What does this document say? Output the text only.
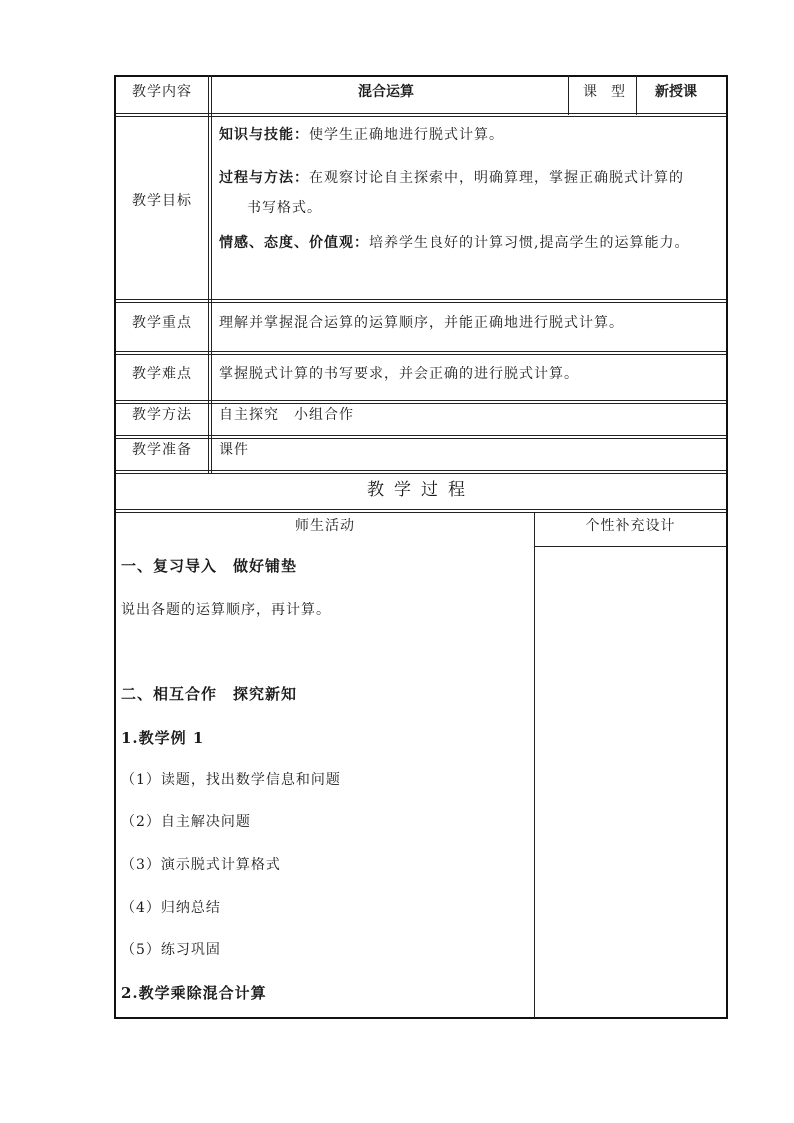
教学内容	混合运算	课　型 新授课
教学目标
知识与技能：使学生正确地进行脱式计算。
过程与方法：在观察讨论自主探索中，明确算理，掌握正确脱式计算的
书写格式。
情感、态度、价值观：培养学生良好的计算习惯,提高学生的运算能力。
教学重点	理解并掌握混合运算的运算顺序，并能正确地进行脱式计算。
教学难点	掌握脱式计算的书写要求，并会正确的进行脱式计算。
教学方法	自主探究　小组合作
教学准备	课件
教学过程
师生活动	个性补充设计
一、复习导入　做好铺垫
说出各题的运算顺序，再计算。
二、相互合作　探究新知
1.教学例 1
（1）读题，找出数学信息和问题
（2）自主解决问题
（3）演示脱式计算格式
（4）归纳总结
（5）练习巩固
2.教学乘除混合计算
